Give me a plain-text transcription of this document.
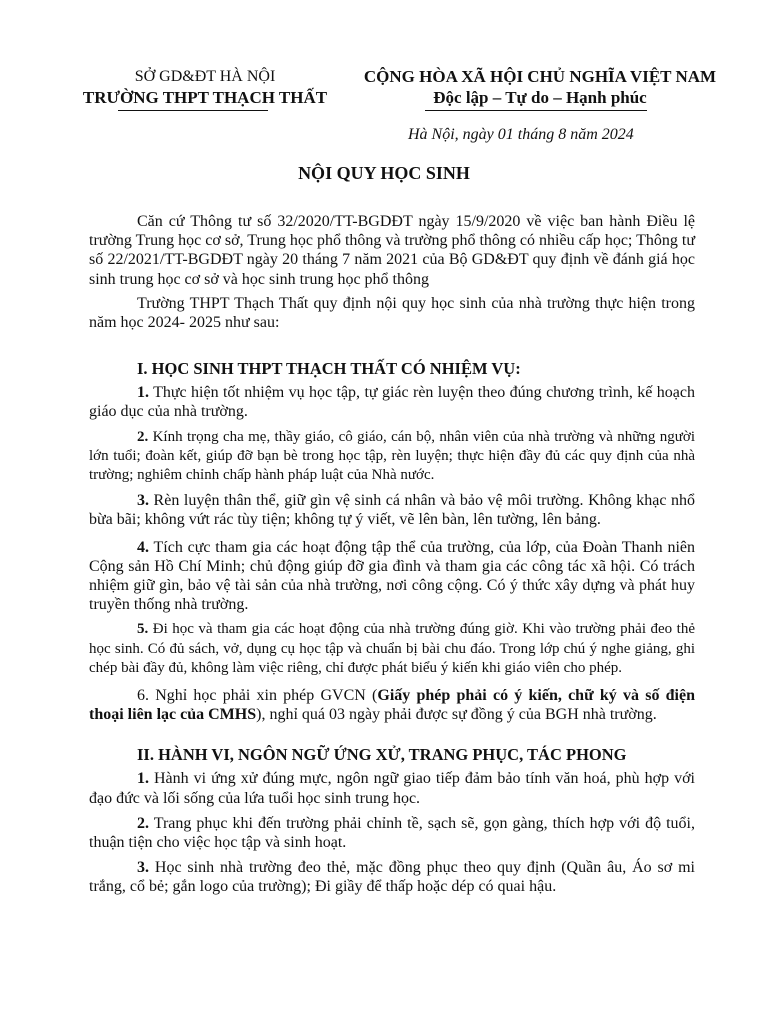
SỞ GD&ĐT HÀ NỘI
TRƯỜNG THPT THẠCH THẤT
CỘNG HÒA XÃ HỘI CHỦ NGHĨA VIỆT NAM
Độc lập – Tự do – Hạnh phúc
Hà Nội, ngày 01 tháng 8 năm 2024
NỘI QUY HỌC SINH

Căn cứ Thông tư số 32/2020/TT-BGDĐT ngày 15/9/2020 về việc ban hành Điều lệ trường Trung học cơ sở, Trung học phổ thông và trường phổ thông có nhiều cấp học; Thông tư số 22/2021/TT-BGDĐT ngày 20 tháng 7 năm 2021 của Bộ GD&ĐT quy định về đánh giá học sinh trung học cơ sở và học sinh trung học phổ thông

Trường THPT Thạch Thất quy định nội quy học sinh của nhà trường thực hiện trong năm học 2024- 2025 như sau:

I. HỌC SINH THPT THẠCH THẤT CÓ NHIỆM VỤ:

1. Thực hiện tốt nhiệm vụ học tập, tự giác rèn luyện theo đúng chương trình, kế hoạch giáo dục của nhà trường.

2. Kính trọng cha mẹ, thầy giáo, cô giáo, cán bộ, nhân viên của nhà trường và những người lớn tuổi; đoàn kết, giúp đỡ bạn bè trong học tập, rèn luyện; thực hiện đầy đủ các quy định của nhà trường; nghiêm chỉnh chấp hành pháp luật của Nhà nước.

3. Rèn luyện thân thể, giữ gìn vệ sinh cá nhân và bảo vệ môi trường. Không khạc nhổ bừa bãi; không vứt rác tùy tiện; không tự ý viết, vẽ lên bàn, lên tường, lên bảng.

4. Tích cực tham gia các hoạt động tập thể của trường, của lớp, của Đoàn Thanh niên Cộng sản Hồ Chí Minh; chủ động giúp đỡ gia đình và tham gia các công tác xã hội. Có trách nhiệm giữ gìn, bảo vệ tài sản của nhà trường, nơi công cộng. Có ý thức xây dựng và phát huy truyền thống nhà trường.

5. Đi học và tham gia các hoạt động của nhà trường đúng giờ. Khi vào trường phải đeo thẻ học sinh. Có đủ sách, vở, dụng cụ học tập và chuẩn bị bài chu đáo. Trong lớp chú ý nghe giảng, ghi chép bài đầy đủ, không làm việc riêng, chỉ được phát biểu ý kiến khi giáo viên cho phép.

6. Nghỉ học phải xin phép GVCN (Giấy phép phải có ý kiến, chữ ký và số điện thoại liên lạc của CMHS), nghỉ quá 03 ngày phải được sự đồng ý của BGH nhà trường.

II. HÀNH VI, NGÔN NGỮ ỨNG XỬ, TRANG PHỤC, TÁC PHONG

1. Hành vi ứng xử đúng mực, ngôn ngữ giao tiếp đảm bảo tính văn hoá, phù hợp với đạo đức và lối sống của lứa tuổi học sinh trung học.

2. Trang phục khi đến trường phải chỉnh tề, sạch sẽ, gọn gàng, thích hợp với độ tuổi, thuận tiện cho việc học tập và sinh hoạt.

3. Học sinh nhà trường đeo thẻ, mặc đồng phục theo quy định (Quần âu, Áo sơ mi trắng, cổ bẻ; gắn logo của trường); Đi giầy để thấp hoặc dép có quai hậu.
